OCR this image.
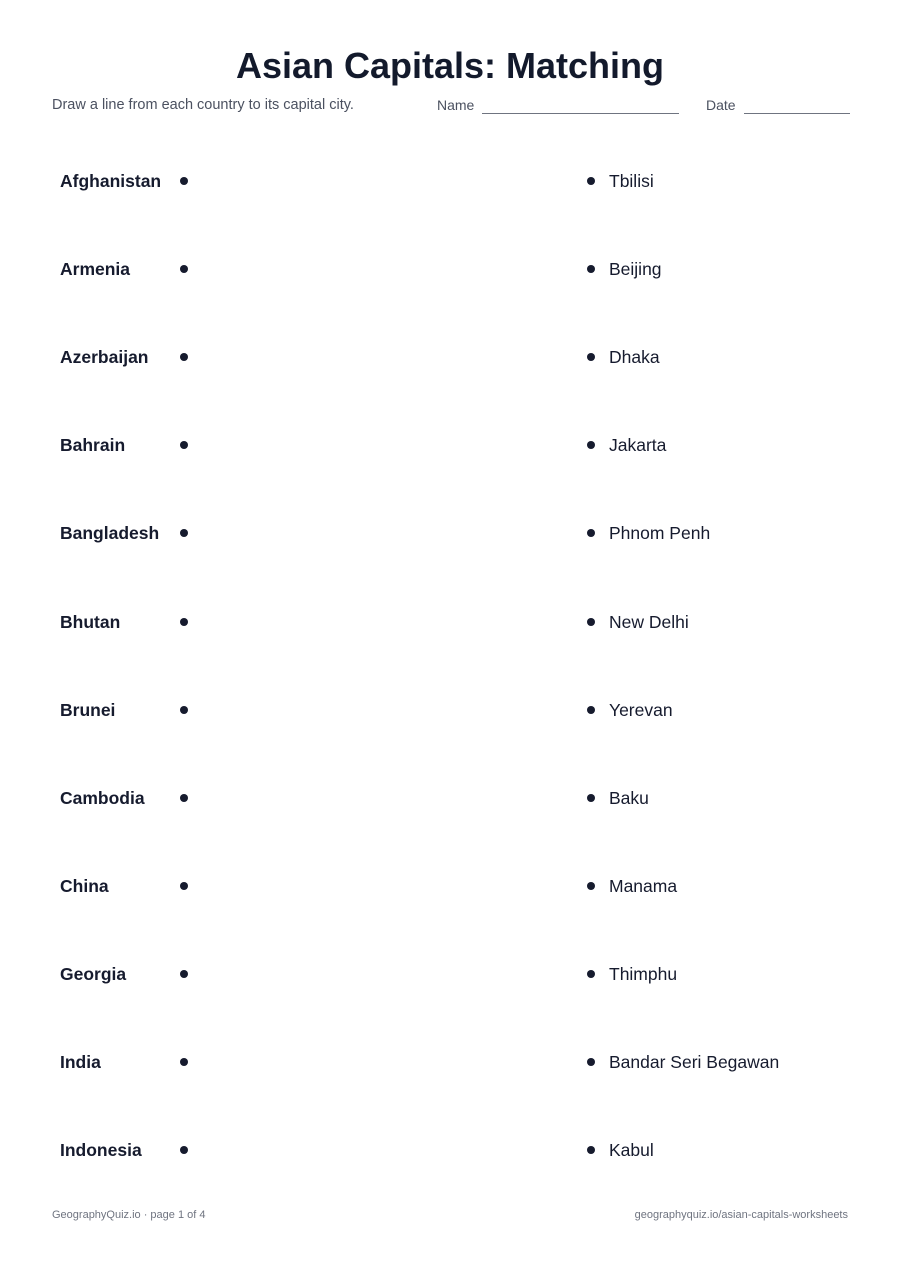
Asian Capitals: Matching
Draw a line from each country to its capital city.	Name	Date
Afghanistan	Tbilisi
Armenia	Beijing
Azerbaijan	Dhaka
Bahrain	Jakarta
Bangladesh	Phnom Penh
Bhutan	New Delhi
Brunei	Yerevan
Cambodia	Baku
China	Manama
Georgia	Thimphu
India	Bandar Seri Begawan
Indonesia	Kabul
GeographyQuiz.io · page 1 of 4	geographyquiz.io/asian-capitals-worksheets
